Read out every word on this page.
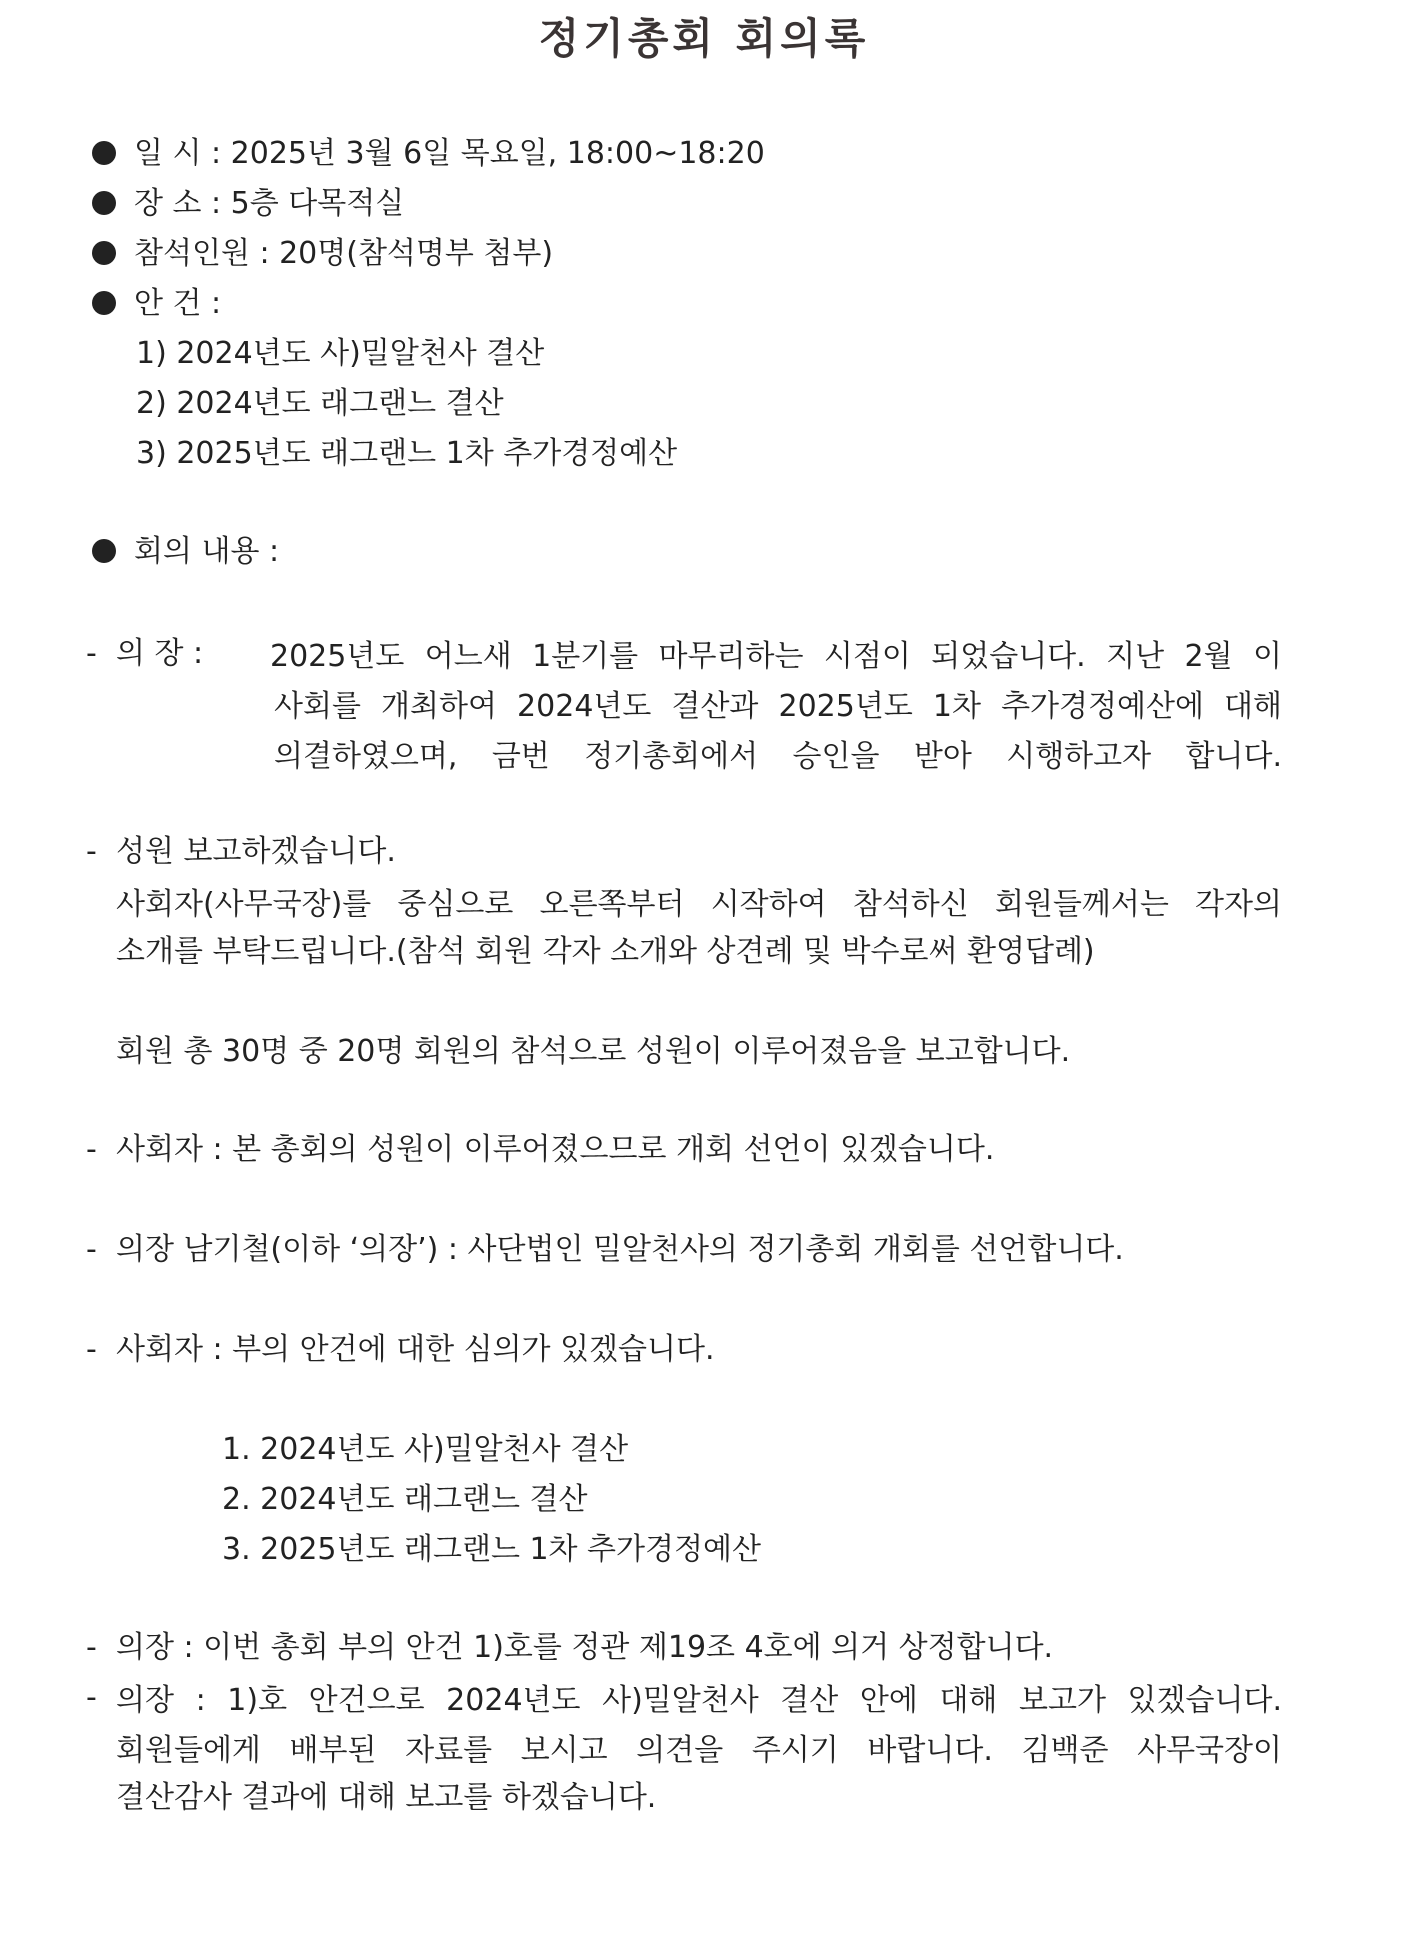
정기총회 회의록

일 시 : 2025년 3월 6일 목요일, 18:00~18:20

장 소 : 5층 다목적실

참석인원 : 20명(참석명부 첨부)

안 건 :

1) 2024년도 사)밀알천사 결산

2) 2024년도 래그랜느 결산

3) 2025년도 래그랜느 1차 추가경정예산

회의 내용 :

- 의 장 : 2025년도 어느새 1분기를 마무리하는 시점이 되었습니다. 지난 2월 이

사회를 개최하여 2024년도 결산과 2025년도 1차 추가경정예산에 대해

의결하였으며, 금번 정기총회에서 승인을 받아 시행하고자 합니다.

- 성원 보고하겠습니다.

사회자(사무국장)를 중심으로 오른쪽부터 시작하여 참석하신 회원들께서는 각자의

소개를 부탁드립니다.(참석 회원 각자 소개와 상견례 및 박수로써 환영답례)

회원 총 30명 중 20명 회원의 참석으로 성원이 이루어졌음을 보고합니다.

- 사회자 : 본 총회의 성원이 이루어졌으므로 개회 선언이 있겠습니다.

- 의장 남기철(이하 ‘의장’) : 사단법인 밀알천사의 정기총회 개회를 선언합니다.

- 사회자 : 부의 안건에 대한 심의가 있겠습니다.

1. 2024년도 사)밀알천사 결산

2. 2024년도 래그랜느 결산

3. 2025년도 래그랜느 1차 추가경정예산

- 의장 : 이번 총회 부의 안건 1)호를 정관 제19조 4호에 의거 상정합니다.

- 의장 : 1)호 안건으로 2024년도 사)밀알천사 결산 안에 대해 보고가 있겠습니다.

회원들에게 배부된 자료를 보시고 의견을 주시기 바랍니다. 김백준 사무국장이

결산감사 결과에 대해 보고를 하겠습니다.
